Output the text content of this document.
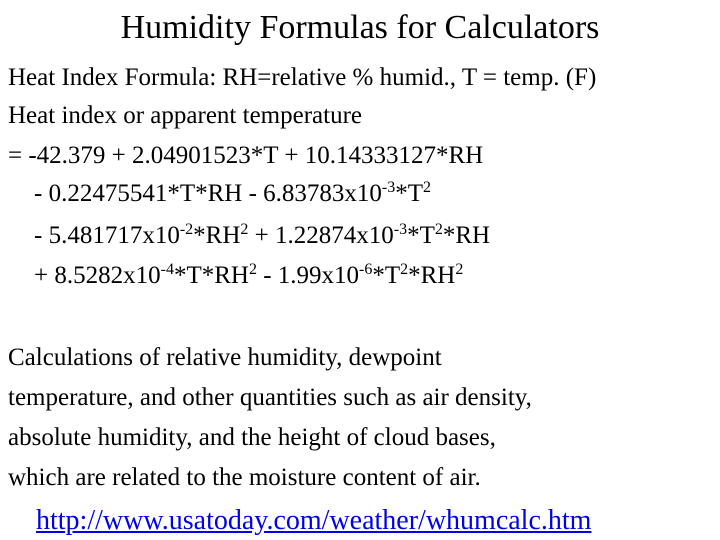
Humidity Formulas for Calculators
Heat Index Formula: RH=relative % humid., T = temp. (F)
Heat index or apparent temperature
= -42.379 + 2.04901523*T + 10.14333127*RH
- $0.22475541*T*RH - 6.83783x10^{-3}*T^2$
- $5.481717x10^{-2}*RH^2 + 1.22874x10^{-3}*T^2*RH$
+ $8.5282x10^{-4}*T*RH^2 - 1.99x10^{-6}*T^2*RH^2$
Calculations of relative humidity, dewpoint
temperature, and other quantities such as air density,
absolute humidity, and the height of cloud bases,
which are related to the moisture content of air.
http://www.usatoday.com/weather/whumcalc.htm
